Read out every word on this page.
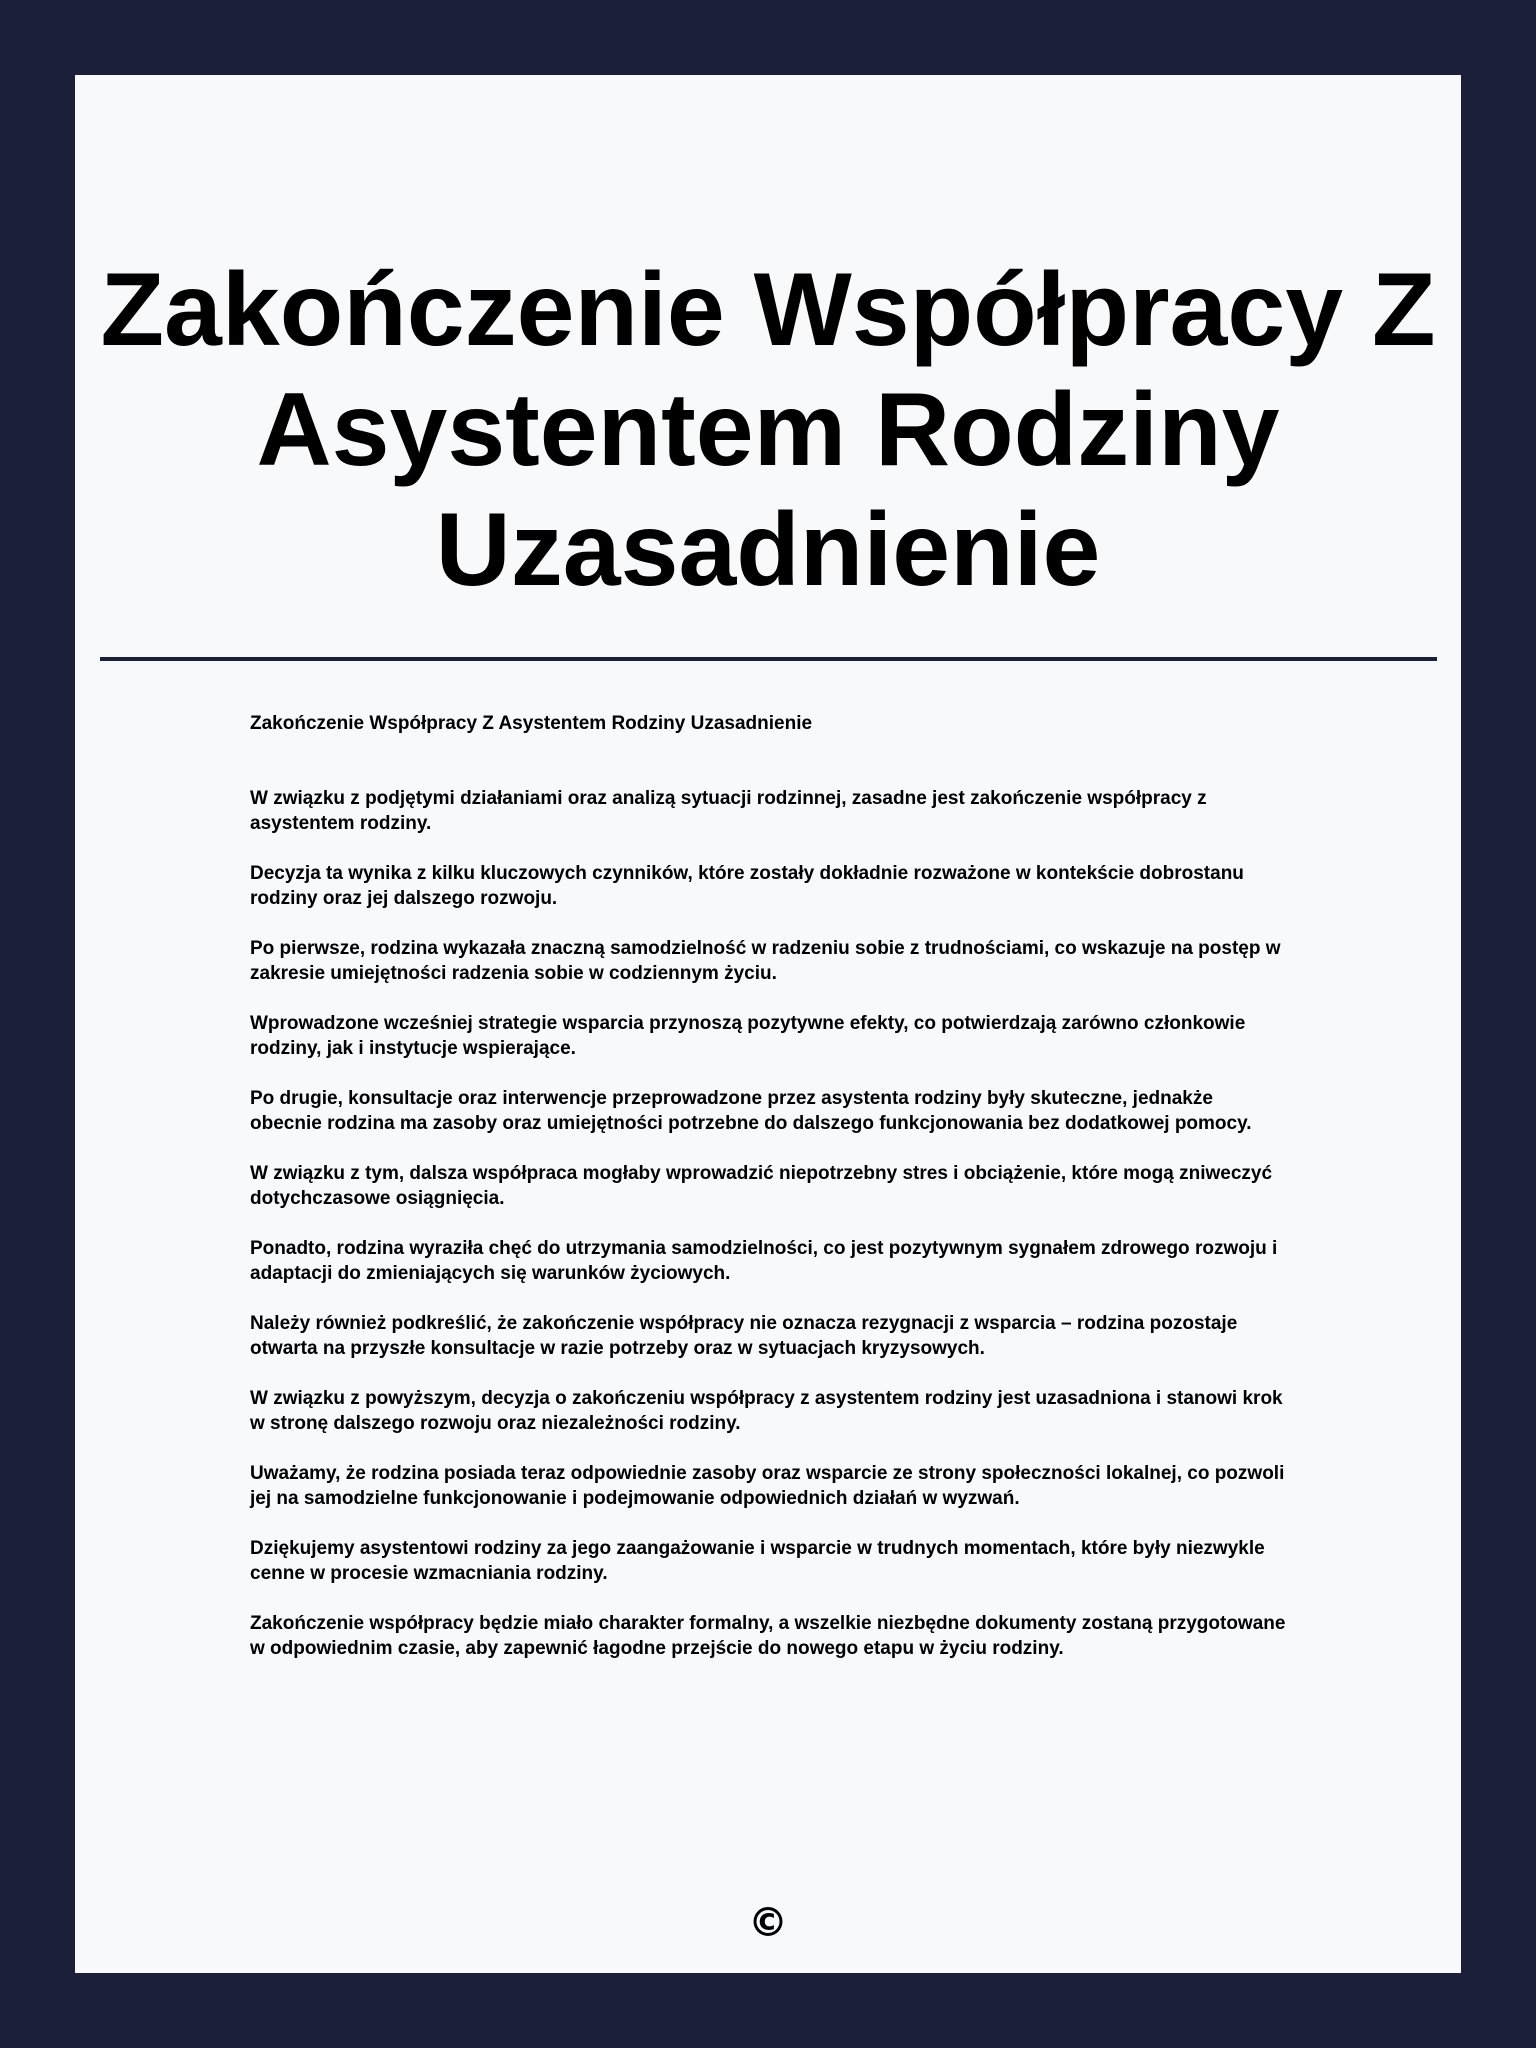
Zakończenie Współpracy Z Asystentem Rodziny Uzasadnienie

Zakończenie Współpracy Z Asystentem Rodziny Uzasadnienie

W związku z podjętymi działaniami oraz analizą sytuacji rodzinnej, zasadne jest zakończenie współpracy z asystentem rodziny.

Decyzja ta wynika z kilku kluczowych czynników, które zostały dokładnie rozważone w kontekście dobrostanu rodziny oraz jej dalszego rozwoju.

Po pierwsze, rodzina wykazała znaczną samodzielność w radzeniu sobie z trudnościami, co wskazuje na postęp w zakresie umiejętności radzenia sobie w codziennym życiu.

Wprowadzone wcześniej strategie wsparcia przynoszą pozytywne efekty, co potwierdzają zarówno członkowie rodziny, jak i instytucje wspierające.

Po drugie, konsultacje oraz interwencje przeprowadzone przez asystenta rodziny były skuteczne, jednakże obecnie rodzina ma zasoby oraz umiejętności potrzebne do dalszego funkcjonowania bez dodatkowej pomocy.

W związku z tym, dalsza współpraca mogłaby wprowadzić niepotrzebny stres i obciążenie, które mogą zniweczyć dotychczasowe osiągnięcia.

Ponadto, rodzina wyraziła chęć do utrzymania samodzielności, co jest pozytywnym sygnałem zdrowego rozwoju i adaptacji do zmieniających się warunków życiowych.

Należy również podkreślić, że zakończenie współpracy nie oznacza rezygnacji z wsparcia – rodzina pozostaje otwarta na przyszłe konsultacje w razie potrzeby oraz w sytuacjach kryzysowych.

W związku z powyższym, decyzja o zakończeniu współpracy z asystentem rodziny jest uzasadniona i stanowi krok w stronę dalszego rozwoju oraz niezależności rodziny.

Uważamy, że rodzina posiada teraz odpowiednie zasoby oraz wsparcie ze strony społeczności lokalnej, co pozwoli jej na samodzielne funkcjonowanie i podejmowanie odpowiednich działań w wyzwań.

Dziękujemy asystentowi rodziny za jego zaangażowanie i wsparcie w trudnych momentach, które były niezwykle cenne w procesie wzmacniania rodziny.

Zakończenie współpracy będzie miało charakter formalny, a wszelkie niezbędne dokumenty zostaną przygotowane w odpowiednim czasie, aby zapewnić łagodne przejście do nowego etapu w życiu rodziny.

©
